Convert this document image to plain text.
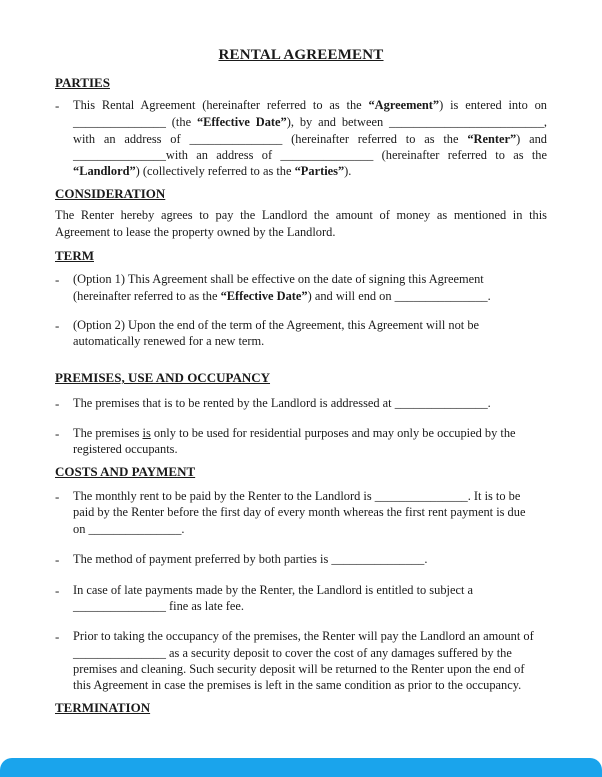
RENTAL AGREEMENT
PARTIES
- This Rental Agreement (hereinafter referred to as the “Agreement”) is entered into on
_______________ (the “Effective Date”), by and between _________________________,
with an address of _______________ (hereinafter referred to as the “Renter”) and
_______________with an address of _______________ (hereinafter referred to as the
“Landlord”) (collectively referred to as the “Parties”).
CONSIDERATION
The Renter hereby agrees to pay the Landlord the amount of money as mentioned in this Agreement to lease the property owned by the Landlord.
TERM
- (Option 1) This Agreement shall be effective on the date of signing this Agreement
(hereinafter referred to as the “Effective Date”) and will end on _______________.
- (Option 2) Upon the end of the term of the Agreement, this Agreement will not be
automatically renewed for a new term.
PREMISES, USE AND OCCUPANCY
- The premises that is to be rented by the Landlord is addressed at _______________.
- The premises is only to be used for residential purposes and may only be occupied by the
registered occupants.
COSTS AND PAYMENT
- The monthly rent to be paid by the Renter to the Landlord is _______________. It is to be
paid by the Renter before the first day of every month whereas the first rent payment is due
on _______________.
- The method of payment preferred by both parties is _______________.
- In case of late payments made by the Renter, the Landlord is entitled to subject a
_______________ fine as late fee.
- Prior to taking the occupancy of the premises, the Renter will pay the Landlord an amount of
_______________ as a security deposit to cover the cost of any damages suffered by the
premises and cleaning. Such security deposit will be returned to the Renter upon the end of
this Agreement in case the premises is left in the same condition as prior to the occupancy.
TERMINATION
